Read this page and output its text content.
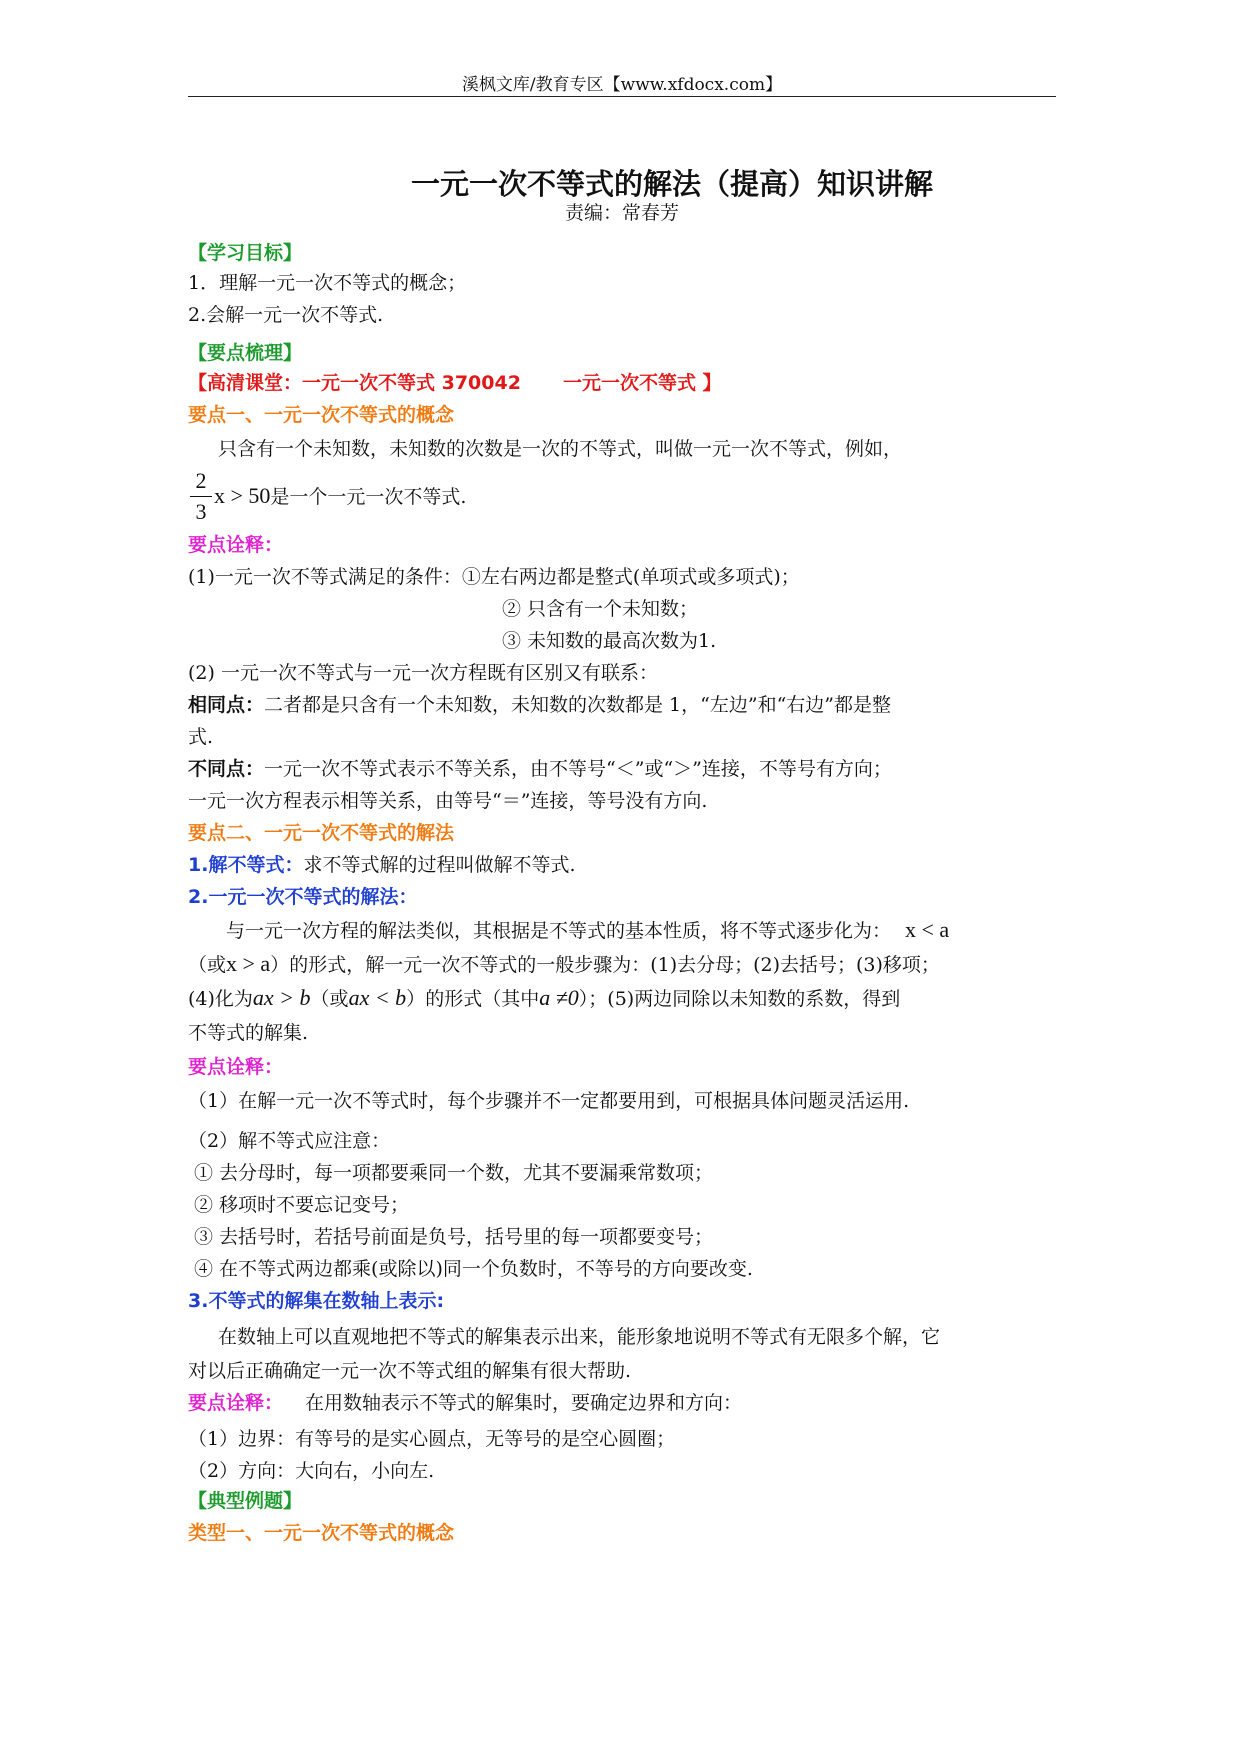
溪枫文库/教育专区【www.xfdocx.com】
一元一次不等式的解法（提高）知识讲解
责编：常春芳
【学习目标】
1．理解一元一次不等式的概念；
2.会解一元一次不等式.
【要点梳理】
【高清课堂：一元一次不等式 370042 一元一次不等式 】
要点一、一元一次不等式的概念
只含有一个未知数，未知数的次数是一次的不等式，叫做一元一次不等式，例如，
2
3
x > 50是一个一元一次不等式.
要点诠释：
(1)一元一次不等式满足的条件：①左右两边都是整式(单项式或多项式)；
② 只含有一个未知数；
③ 未知数的最高次数为1.
(2) 一元一次不等式与一元一次方程既有区别又有联系：
相同点：二者都是只含有一个未知数，未知数的次数都是 1，“左边”和“右边”都是整
式.
不同点：一元一次不等式表示不等关系，由不等号“＜”或“＞”连接，不等号有方向；
一元一次方程表示相等关系，由等号“＝”连接，等号没有方向.
要点二、一元一次不等式的解法
1.解不等式：求不等式解的过程叫做解不等式.
2.一元一次不等式的解法：
与一元一次方程的解法类似，其根据是不等式的基本性质，将不等式逐步化为： x < a
（或x > a）的形式，解一元一次不等式的一般步骤为：(1)去分母；(2)去括号；(3)移项；
(4)化为ax > b（或ax < b）的形式（其中a ≠0）；(5)两边同除以未知数的系数，得到
不等式的解集.
要点诠释：
（1）在解一元一次不等式时，每个步骤并不一定都要用到，可根据具体问题灵活运用.
（2）解不等式应注意：
① 去分母时，每一项都要乘同一个数，尤其不要漏乘常数项；
② 移项时不要忘记变号；
③ 去括号时，若括号前面是负号，括号里的每一项都要变号；
④ 在不等式两边都乘(或除以)同一个负数时，不等号的方向要改变.
3.不等式的解集在数轴上表示:
在数轴上可以直观地把不等式的解集表示出来，能形象地说明不等式有无限多个解，它
对以后正确确定一元一次不等式组的解集有很大帮助.
要点诠释： 在用数轴表示不等式的解集时，要确定边界和方向：
（1）边界：有等号的是实心圆点，无等号的是空心圆圈；
（2）方向：大向右，小向左.
【典型例题】
类型一、一元一次不等式的概念
